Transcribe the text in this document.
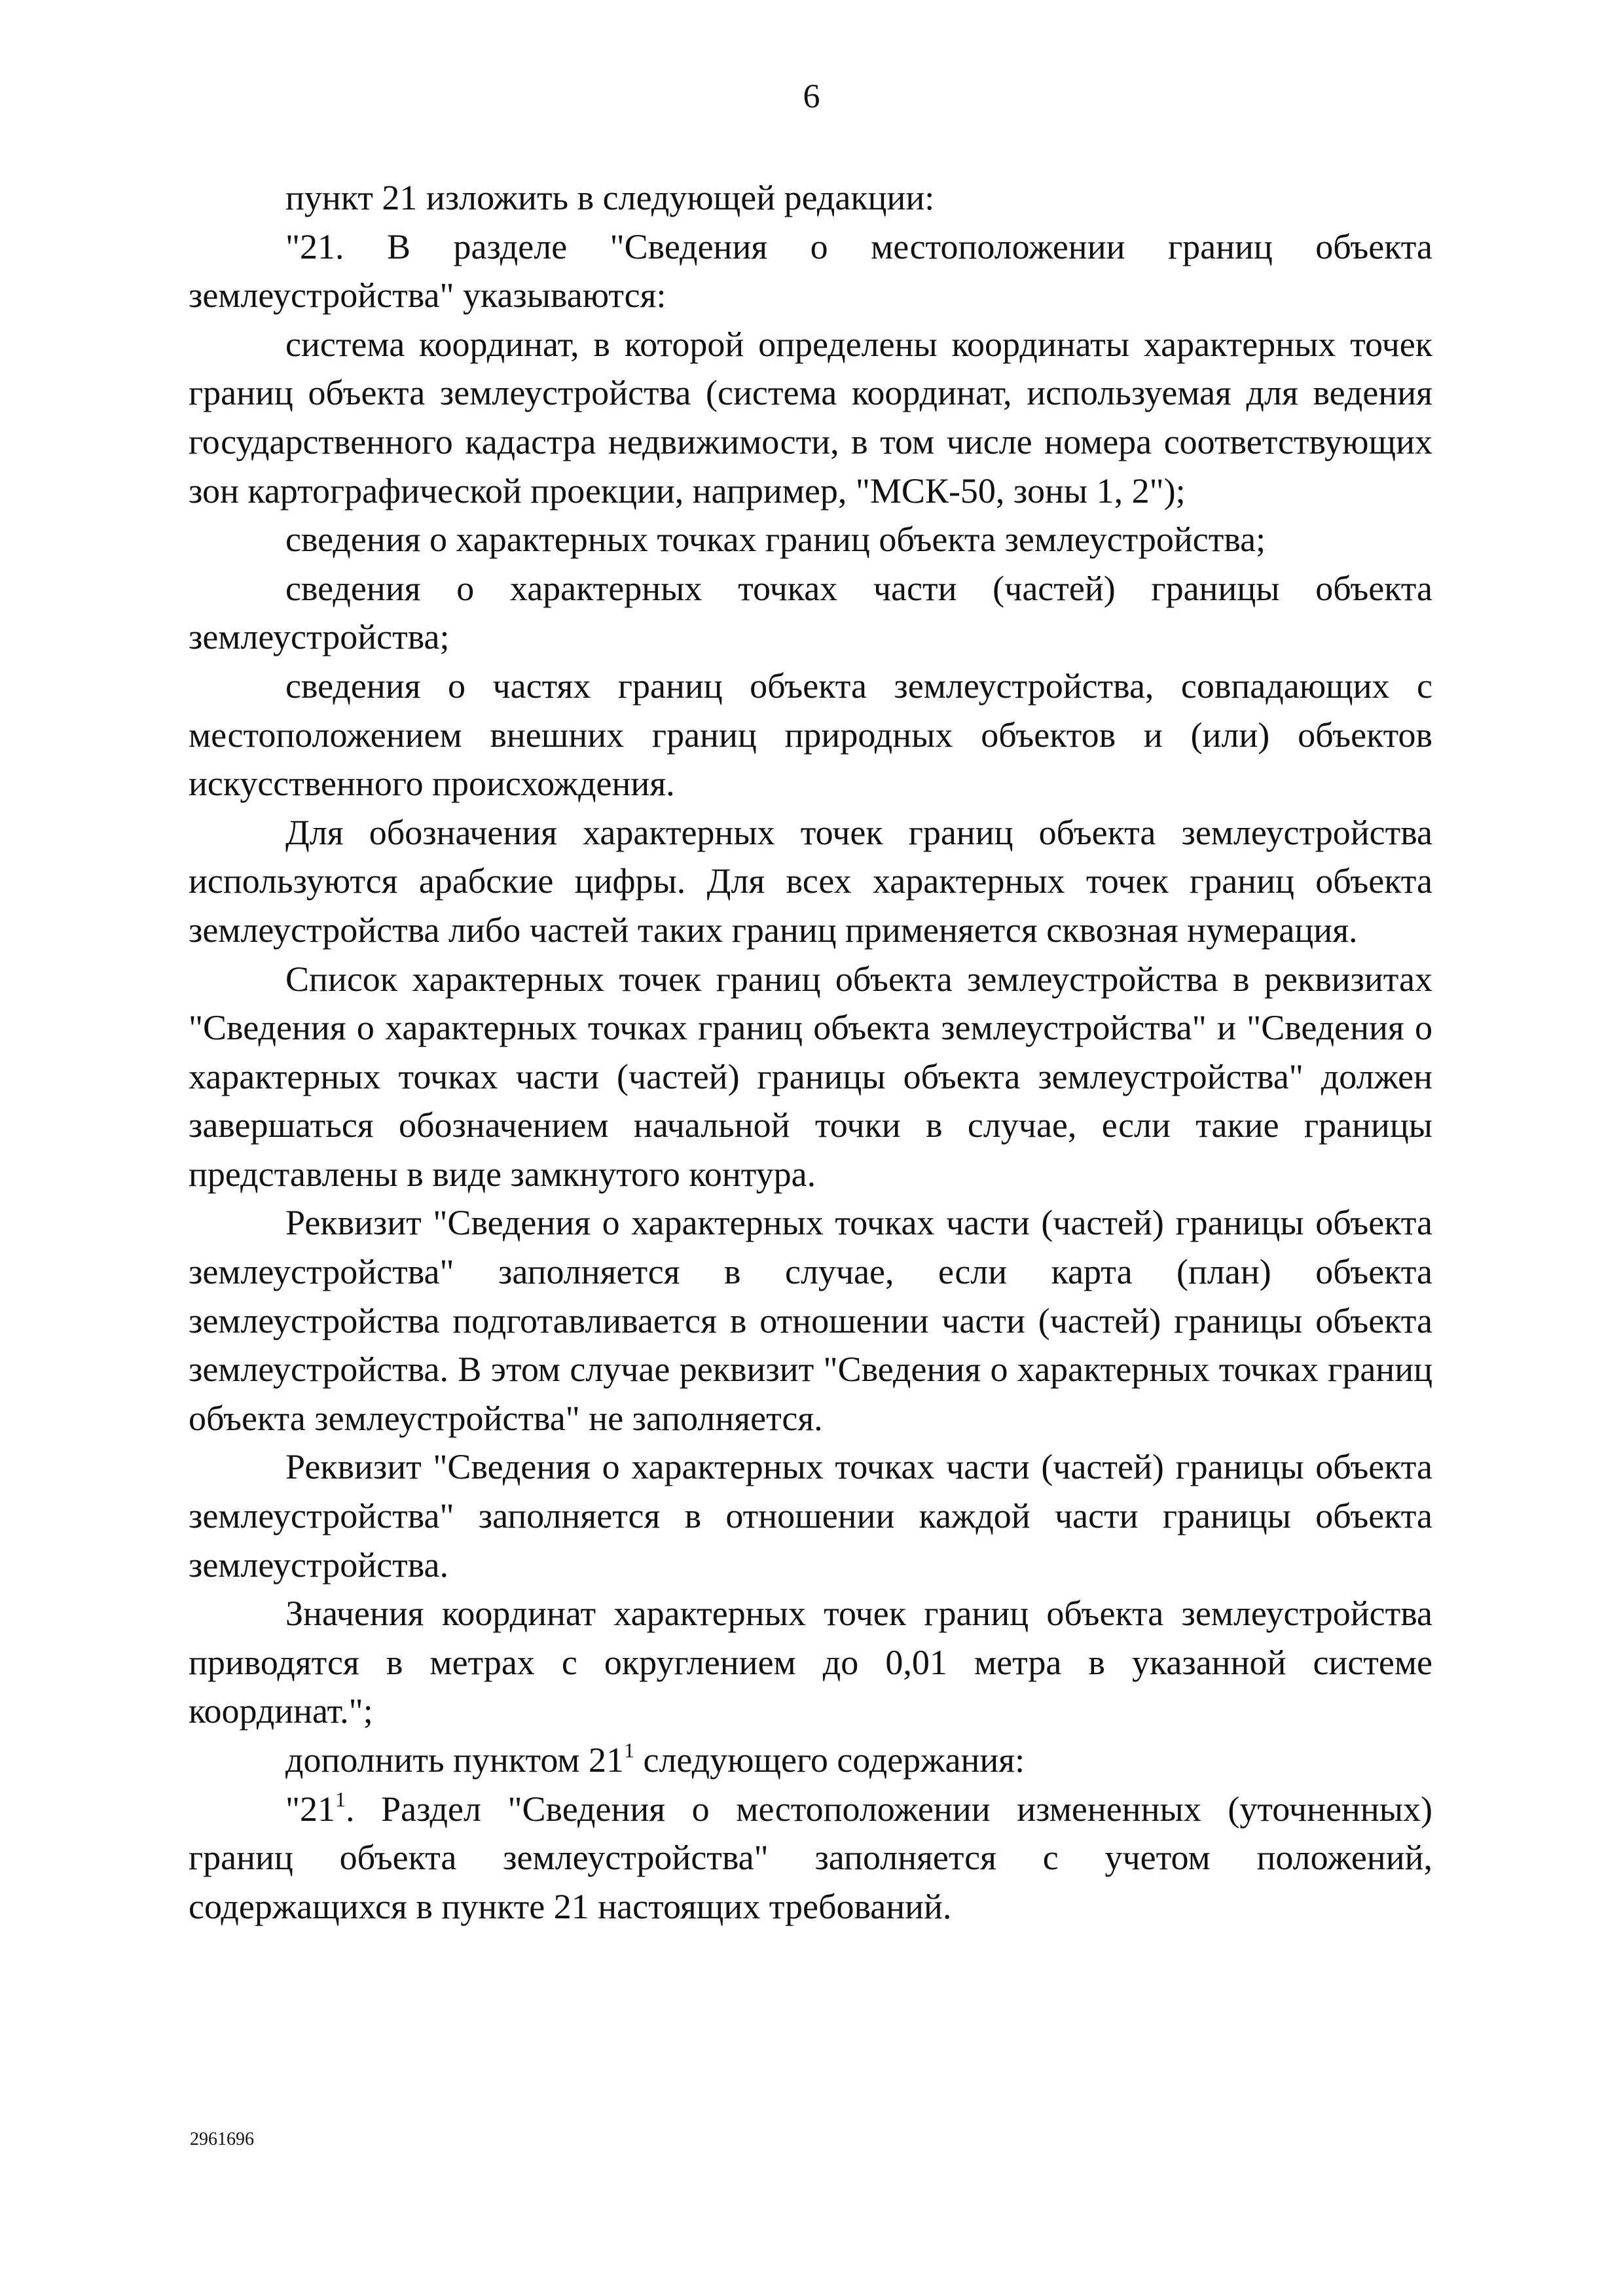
6

пункт 21 изложить в следующей редакции:

"21. В разделе "Сведения о местоположении границ объекта землеустройства" указываются:

система координат, в которой определены координаты характерных точек границ объекта землеустройства (система координат, используемая для ведения государственного кадастра недвижимости, в том числе номера соответствующих зон картографической проекции, например, "МСК-50, зоны 1, 2");

сведения о характерных точках границ объекта землеустройства;

сведения о характерных точках части (частей) границы объекта землеустройства;

сведения о частях границ объекта землеустройства, совпадающих с местоположением внешних границ природных объектов и (или) объектов искусственного происхождения.

Для обозначения характерных точек границ объекта землеустройства используются арабские цифры. Для всех характерных точек границ объекта землеустройства либо частей таких границ применяется сквозная нумерация.

Список характерных точек границ объекта землеустройства в реквизитах "Сведения о характерных точках границ объекта землеустройства" и "Сведения о характерных точках части (частей) границы объекта землеустройства" должен завершаться обозначением начальной точки в случае, если такие границы представлены в виде замкнутого контура.

Реквизит "Сведения о характерных точках части (частей) границы объекта землеустройства" заполняется в случае, если карта (план) объекта землеустройства подготавливается в отношении части (частей) границы объекта землеустройства. В этом случае реквизит "Сведения о характерных точках границ объекта землеустройства" не заполняется.

Реквизит "Сведения о характерных точках части (частей) границы объекта землеустройства" заполняется в отношении каждой части границы объекта землеустройства.

Значения координат характерных точек границ объекта землеустройства приводятся в метрах с округлением до 0,01 метра в указанной системе координат.";

дополнить пунктом $21^1$ следующего содержания:

"$21^1$. Раздел "Сведения о местоположении измененных (уточненных) границ объекта землеустройства" заполняется с учетом положений, содержащихся в пункте 21 настоящих требований.

2961696
